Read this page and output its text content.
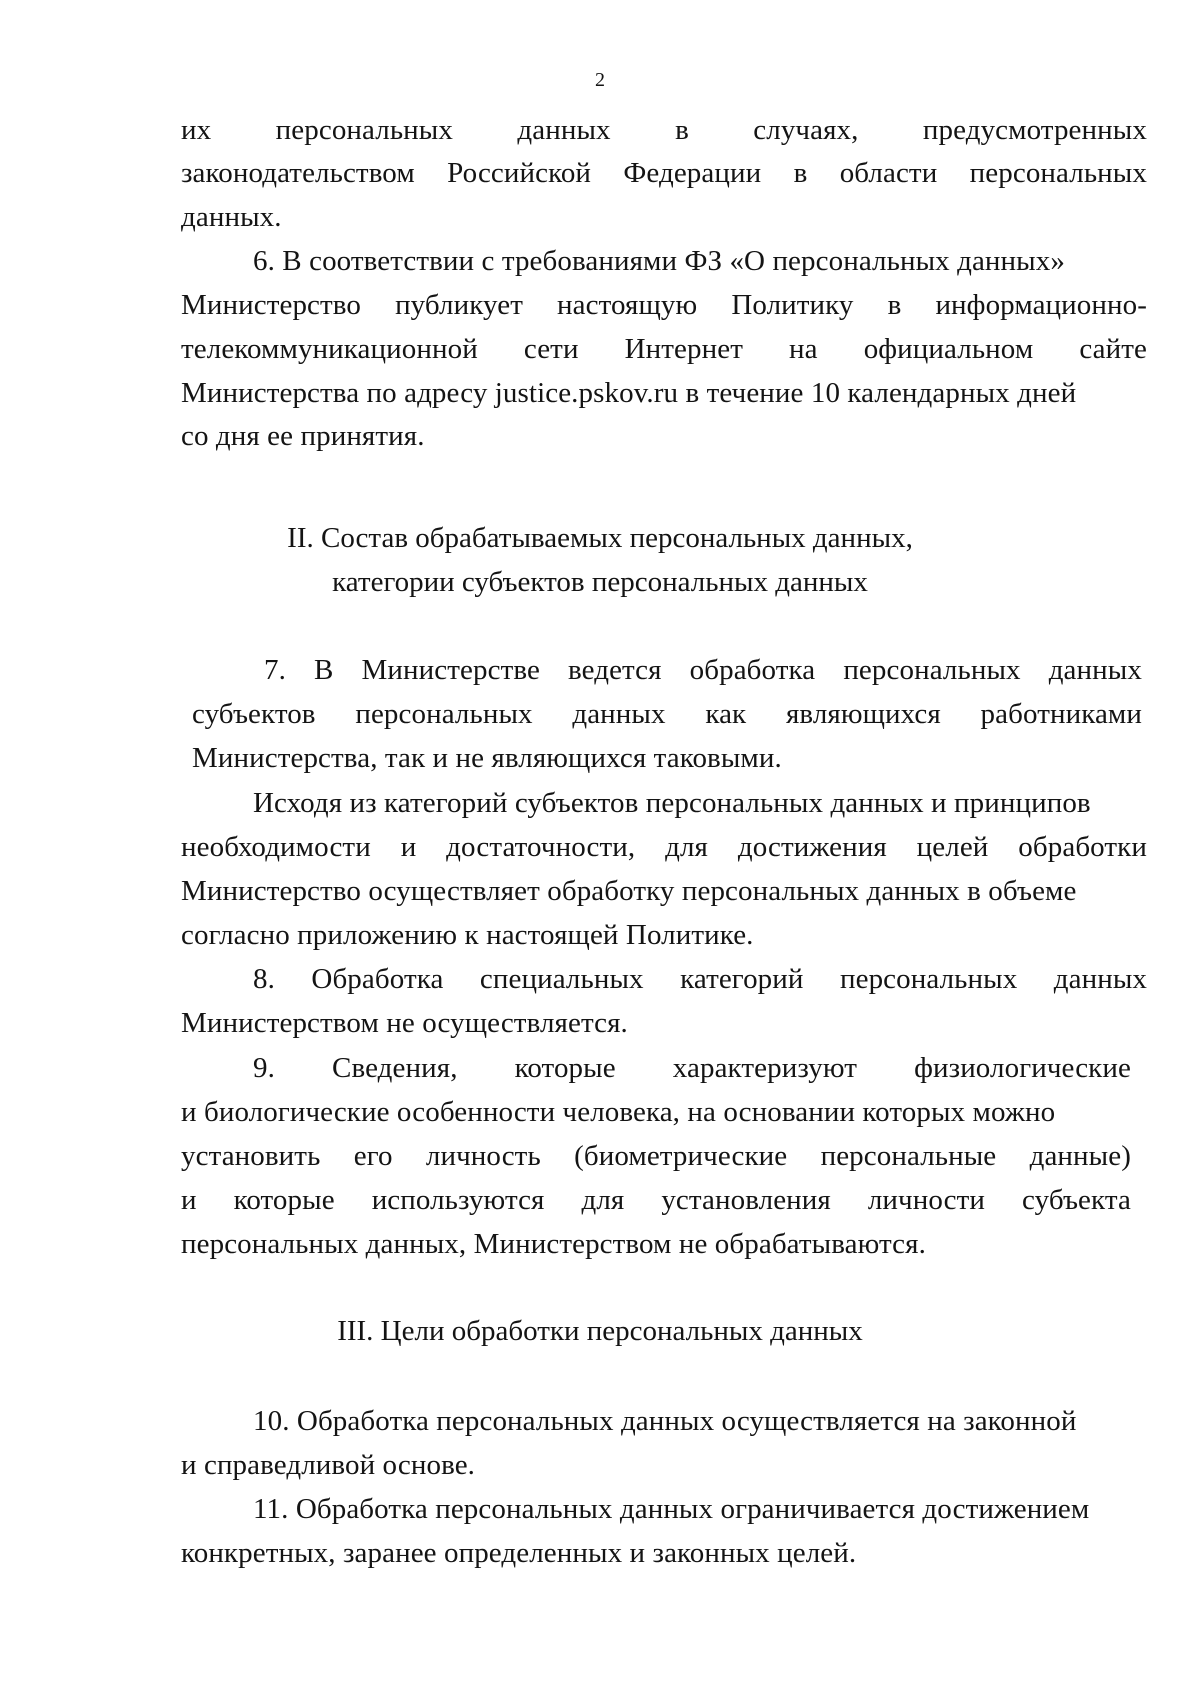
2
их персональных данных в случаях, предусмотренных
законодательством Российской Федерации в области персональных
данных.
6. В соответствии с требованиями ФЗ «О персональных данных»
Министерство публикует настоящую Политику в информационно-
телекоммуникационной сети Интернет на официальном сайте
Министерства по адресу justice.pskov.ru в течение 10 календарных дней
со дня ее принятия.
II. Состав обрабатываемых персональных данных,
категории субъектов персональных данных
7. В Министерстве ведется обработка персональных данных
субъектов персональных данных как являющихся работниками
Министерства, так и не являющихся таковыми.
Исходя из категорий субъектов персональных данных и принципов
необходимости и достаточности, для достижения целей обработки
Министерство осуществляет обработку персональных данных в объеме
согласно приложению к настоящей Политике.
8. Обработка специальных категорий персональных данных
Министерством не осуществляется.
9. Сведения, которые характеризуют физиологические
и биологические особенности человека, на основании которых можно
установить его личность (биометрические персональные данные)
и которые используются для установления личности субъекта
персональных данных, Министерством не обрабатываются.
III. Цели обработки персональных данных
10. Обработка персональных данных осуществляется на законной
и справедливой основе.
11. Обработка персональных данных ограничивается достижением
конкретных, заранее определенных и законных целей.
